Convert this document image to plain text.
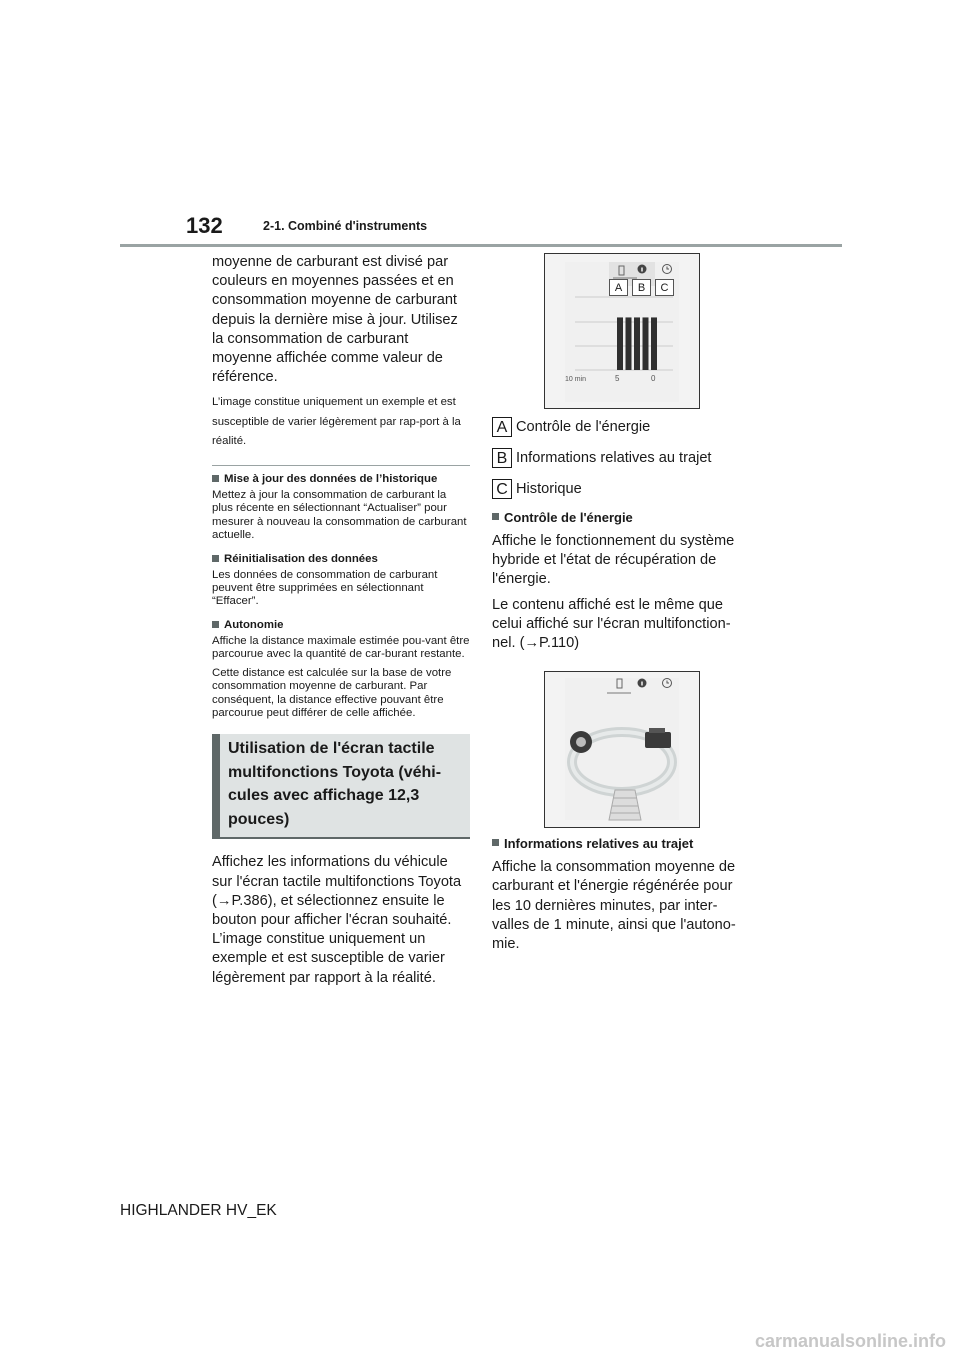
132	2-1. Combiné d'instruments

moyenne de carburant est divisé par couleurs en moyennes passées et en consommation moyenne de carburant depuis la dernière mise à jour. Utilisez la consommation de carburant moyenne affichée comme valeur de référence.

L’image constitue uniquement un exemple et est susceptible de varier légèrement par rap-port à la réalité.

Mise à jour des données de l’historique

Mettez à jour la consommation de carburant la plus récente en sélectionnant “Actualiser” pour mesurer à nouveau la consommation de carburant actuelle.

Réinitialisation des données

Les données de consommation de carburant peuvent être supprimées en sélectionnant “Effacer”.

Autonomie

Affiche la distance maximale estimée pou-vant être parcourue avec la quantité de car-burant restante.

Cette distance est calculée sur la base de votre consommation moyenne de carburant. Par conséquent, la distance effective pouvant être parcourue peut différer de celle affichée.

Utilisation de l'écran tactile multifonctions Toyota (véhi-cules avec affichage 12,3 pouces)

Affichez les informations du véhicule sur l'écran tactile multifonctions Toyota (→P.386), et sélectionnez ensuite le bouton pour afficher l'écran souhaité. L’image constitue uniquement un exemple et est susceptible de varier légèrement par rapport à la réalité.

10 min	5	0
A	B	C
A Contrôle de l'énergie
B Informations relatives au trajet
C Historique
Contrôle de l'énergie

Affiche le fonctionnement du système hybride et l'état de récupération de l'énergie.

Le contenu affiché est le même que celui affiché sur l'écran multifonction-nel. (→P.110)

Informations relatives au trajet

Affiche la consommation moyenne de carburant et l'énergie régénérée pour les 10 dernières minutes, par inter-valles de 1 minute, ainsi que l'autono-mie.

HIGHLANDER HV_EK
carmanualsonline.info
